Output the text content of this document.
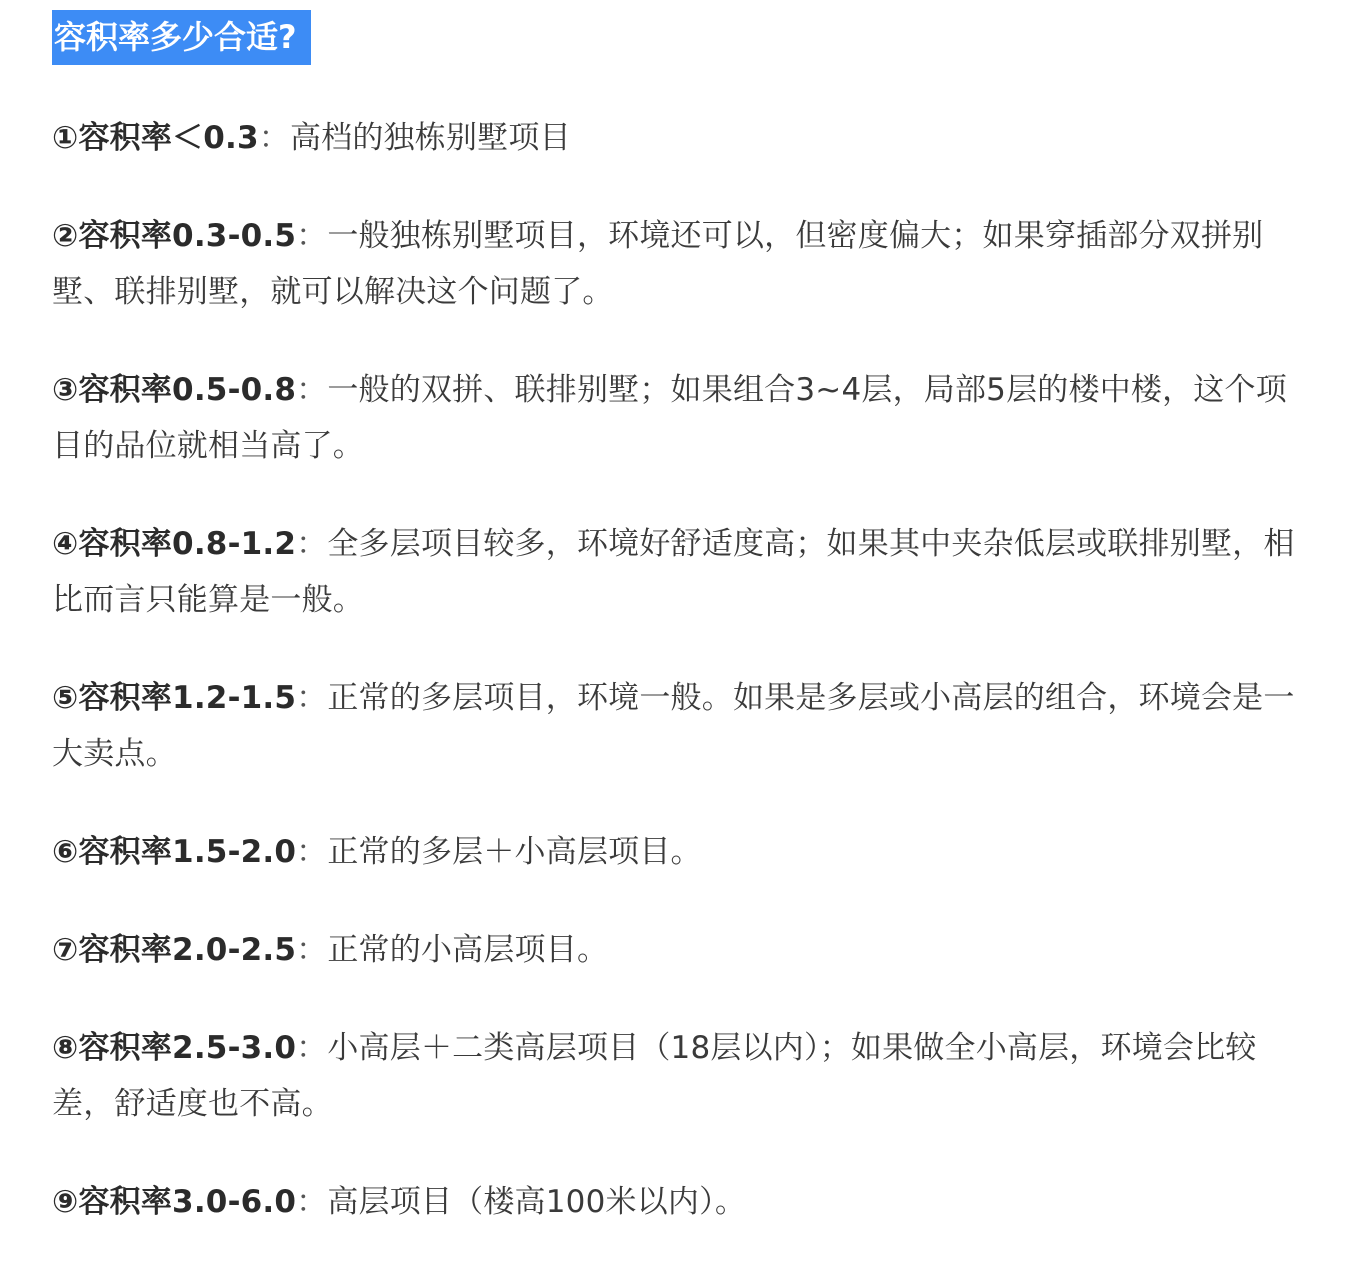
容积率多少合适?

①容积率＜0.3：高档的独栋别墅项目

②容积率0.3-0.5：一般独栋别墅项目，环境还可以，但密度偏大；如果穿插部分双拼别墅、联排别墅，就可以解决这个问题了。

③容积率0.5-0.8：一般的双拼、联排别墅；如果组合3~4层，局部5层的楼中楼，这个项目的品位就相当高了。

④容积率0.8-1.2：全多层项目较多，环境好舒适度高；如果其中夹杂低层或联排别墅，相比而言只能算是一般。

⑤容积率1.2-1.5：正常的多层项目，环境一般。如果是多层或小高层的组合，环境会是一大卖点。

⑥容积率1.5-2.0：正常的多层＋小高层项目。

⑦容积率2.0-2.5：正常的小高层项目。

⑧容积率2.5-3.0：小高层＋二类高层项目（18层以内）；如果做全小高层，环境会比较差，舒适度也不高。

⑨容积率3.0-6.0：高层项目（楼高100米以内）。
